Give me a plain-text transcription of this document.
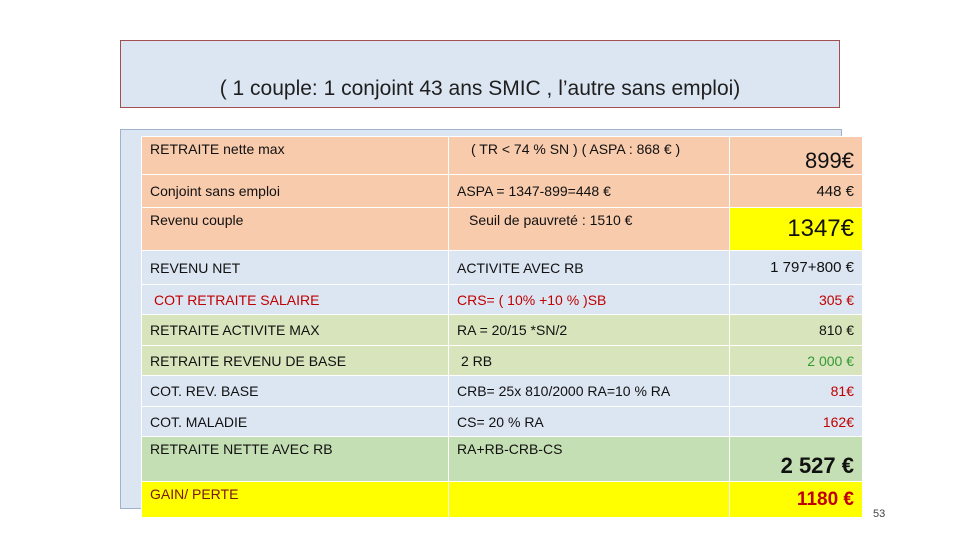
( 1 couple: 1 conjoint 43 ans SMIC , l’autre sans emploi)
RETRAITE nette max	( TR < 74 % SN ) ( ASPA : 868 € )	899€
Conjoint sans emploi	ASPA = 1347-899=448 €	448 €
Revenu couple	Seuil de pauvreté : 1510 €	1347€
REVENU NET	ACTIVITE AVEC RB	1 797+800 €
COT RETRAITE SALAIRE	CRS= ( 10% +10 % )SB	305 €
RETRAITE ACTIVITE MAX	RA = 20/15 *SN/2	810 €
RETRAITE REVENU DE BASE	2 RB	2 000 €
COT. REV. BASE	CRB= 25x 810/2000 RA=10 % RA	81€
COT. MALADIE	CS= 20 % RA	162€
RETRAITE NETTE AVEC RB	RA+RB-CRB-CS	2 527 €
GAIN/ PERTE		1180 €
53
